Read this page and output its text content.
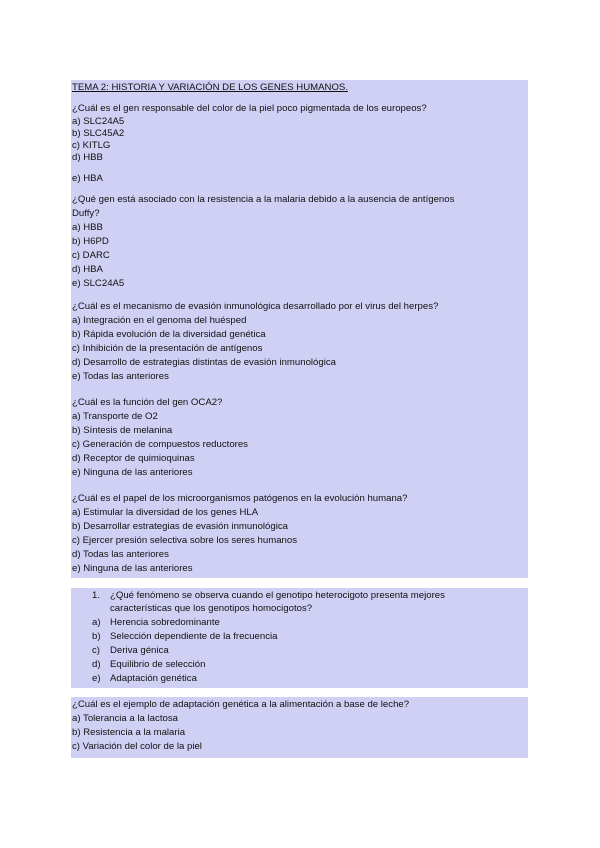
TEMA 2: HISTORIA Y VARIACIÓN DE LOS GENES HUMANOS.
¿Cuál es el gen responsable del color de la piel poco pigmentada de los europeos?
a) SLC24A5
b) SLC45A2
c) KITLG
d) HBB
e) HBA
¿Qué gen está asociado con la resistencia a la malaria debido a la ausencia de antígenos
Duffy?
a) HBB
b) H6PD
c) DARC
d) HBA
e) SLC24A5
¿Cuál es el mecanismo de evasión inmunológica desarrollado por el virus del herpes?
a) Integración en el genoma del huésped
b) Rápida evolución de la diversidad genética
c) Inhibición de la presentación de antígenos
d) Desarrollo de estrategias distintas de evasión inmunológica
e) Todas las anteriores
¿Cuál es la función del gen OCA2?
a) Transporte de O2
b) Síntesis de melanina
c) Generación de compuestos reductores
d) Receptor de quimioquinas
e) Ninguna de las anteriores
¿Cuál es el papel de los microorganismos patógenos en la evolución humana?
a) Estimular la diversidad de los genes HLA
b) Desarrollar estrategias de evasión inmunológica
c) Ejercer presión selectiva sobre los seres humanos
d) Todas las anteriores
e) Ninguna de las anteriores
1. ¿Qué fenómeno se observa cuando el genotipo heterocigoto presenta mejores
características que los genotipos homocigotos?
a) Herencia sobredominante
b) Selección dependiente de la frecuencia
c) Deriva génica
d) Equilibrio de selección
e) Adaptación genética
¿Cuál es el ejemplo de adaptación genética a la alimentación a base de leche?
a) Tolerancia a la lactosa
b) Resistencia a la malaria
c) Variación del color de la piel
